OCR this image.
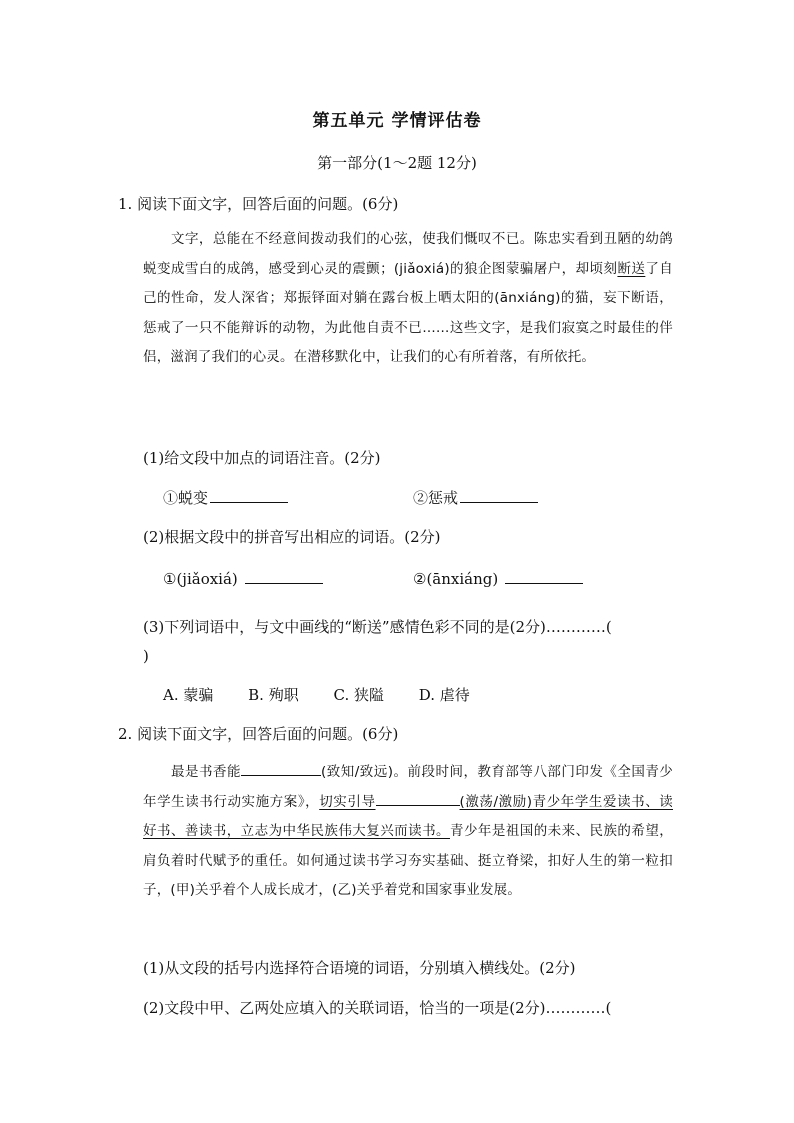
第五单元 学情评估卷
第一部分(1～2题 12分)
1. 阅读下面文字，回答后面的问题。(6分)

文字，总能在不经意间拨动我们的心弦，使我们慨叹不已。陈忠实看到丑陋的幼鸽蜕变成雪白的成鸽，感受到心灵的震颤；(jiǎoxiá)的狼企图蒙骗屠户，却顷刻断送了自己的性命，发人深省；郑振铎面对躺在露台板上晒太阳的(ānxiáng)的猫，妄下断语，惩戒了一只不能辩诉的动物，为此他自责不已……这些文字，是我们寂寞之时最佳的伴侣，滋润了我们的心灵。在潜移默化中，让我们的心有所着落，有所依托。

(1)给文段中加点的词语注音。(2分)
①蜕变	②惩戒
(2)根据文段中的拼音写出相应的词语。(2分)
①(jiǎoxiá)	②(ānxiáng)
(3)下列词语中，与文中画线的“断送”感情色彩不同的是(2分)…………(
)
A. 蒙骗 B. 殉职 C. 狭隘 D. 虐待
2. 阅读下面文字，回答后面的问题。(6分)

最是书香能	(致知/致远)。前段时间，教育部等八部门印发《全国青少年学生读书行动实施方案》，切实引导	(激荡/激励)青少年学生爱读书、读好书、善读书，立志为中华民族伟大复兴而读书。青少年是祖国的未来、民族的希望，肩负着时代赋予的重任。如何通过读书学习夯实基础、挺立脊梁，扣好人生的第一粒扣子，(甲)关乎着个人成长成才，(乙)关乎着党和国家事业发展。

(1)从文段的括号内选择符合语境的词语，分别填入横线处。(2分)
(2)文段中甲、乙两处应填入的关联词语，恰当的一项是(2分)…………(
